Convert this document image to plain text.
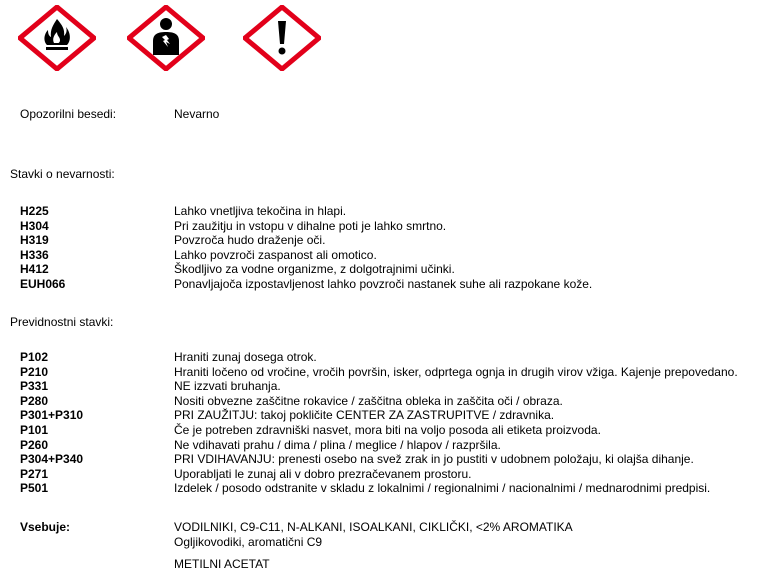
Opozorilni besedi:	Nevarno
Stavki o nevarnosti:
H225	Lahko vnetljiva tekočina in hlapi.
H304	Pri zaužitju in vstopu v dihalne poti je lahko smrtno.
H319	Povzroča hudo draženje oči.
H336	Lahko povzroči zaspanost ali omotico.
H412	Škodljivo za vodne organizme, z dolgotrajnimi učinki.
EUH066	Ponavljajoča izpostavljenost lahko povzroči nastanek suhe ali razpokane kože.
Previdnostni stavki:
P102	Hraniti zunaj dosega otrok.
P210	Hraniti ločeno od vročine, vročih površin, isker, odprtega ognja in drugih virov vžiga. Kajenje prepovedano.
P331	NE izzvati bruhanja.
P280	Nositi obvezne zaščitne rokavice / zaščitna obleka in zaščita oči / obraza.
P301+P310	PRI ZAUŽITJU: takoj pokličite CENTER ZA ZASTRUPITVE / zdravnika.
P101	Če je potreben zdravniški nasvet, mora biti na voljo posoda ali etiketa proizvoda.
P260	Ne vdihavati prahu / dima / plina / meglice / hlapov / razpršila.
P304+P340	PRI VDIHAVANJU: prenesti osebo na svež zrak in jo pustiti v udobnem položaju, ki olajša dihanje.
P271	Uporabljati le zunaj ali v dobro prezračevanem prostoru.
P501	Izdelek / posodo odstranite v skladu z lokalnimi / regionalnimi / nacionalnimi / mednarodnimi predpisi.
Vsebuje:	VODILNIKI, C9-C11, N-ALKANI, ISOALKANI, CIKLIČKI, <2% AROMATIKA
Ogljikovodiki, aromatični C9
METILNI ACETAT
